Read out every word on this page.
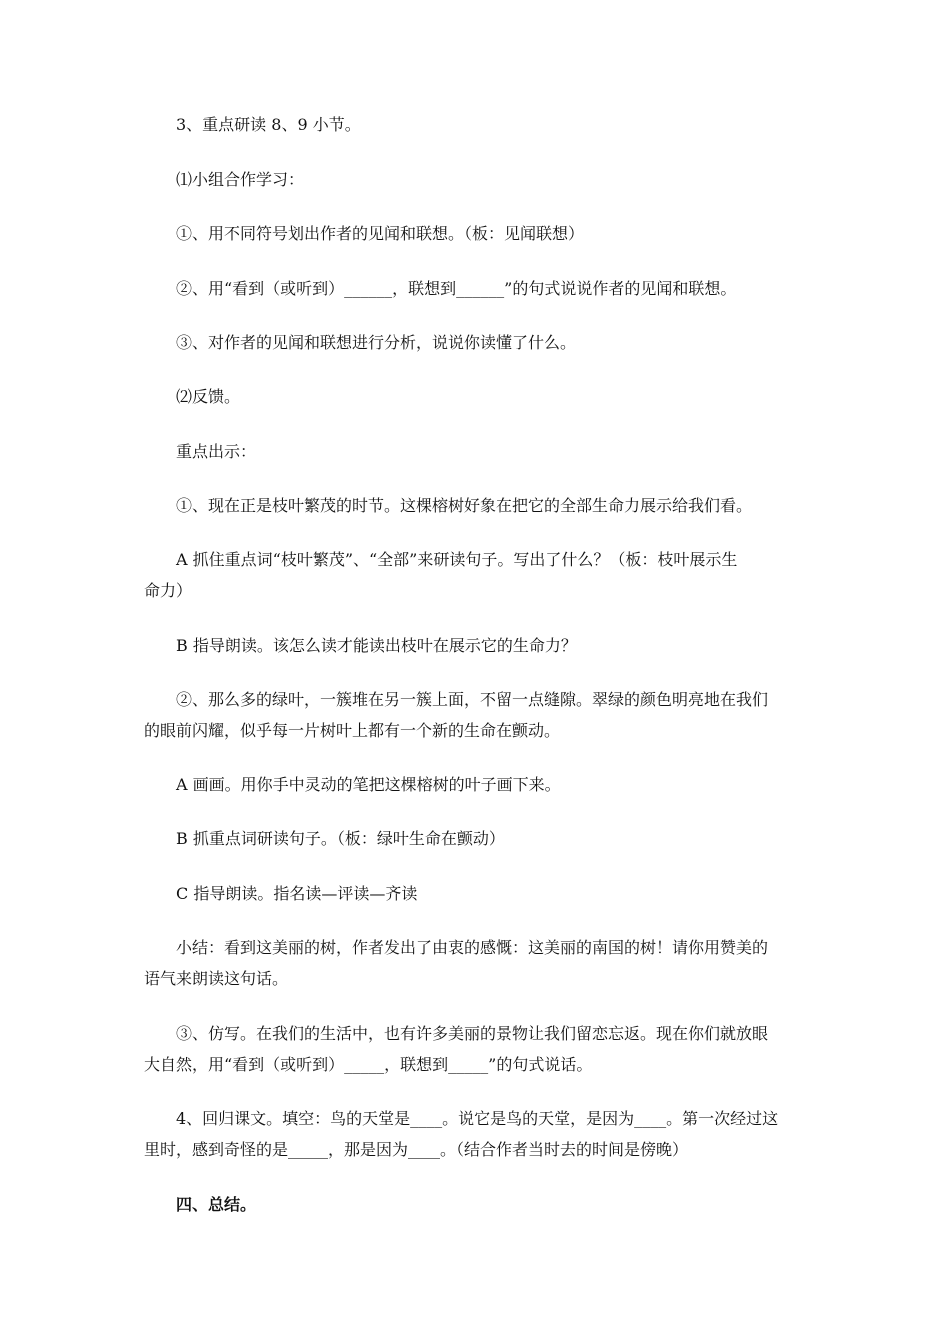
3、重点研读 8、9 小节。
⑴小组合作学习：
①、用不同符号划出作者的见闻和联想。（板：见闻联想）
②、用“看到（或听到）______，联想到______”的句式说说作者的见闻和联想。
③、对作者的见闻和联想进行分析，说说你读懂了什么。
⑵反馈。
重点出示：
①、现在正是枝叶繁茂的时节。这棵榕树好象在把它的全部生命力展示给我们看。
A 抓住重点词“枝叶繁茂”、“全部”来研读句子。写出了什么？（板：枝叶展示生
命力）
B 指导朗读。该怎么读才能读出枝叶在展示它的生命力？
②、那么多的绿叶，一簇堆在另一簇上面，不留一点缝隙。翠绿的颜色明亮地在我们
的眼前闪耀，似乎每一片树叶上都有一个新的生命在颤动。
A 画画。用你手中灵动的笔把这棵榕树的叶子画下来。
B 抓重点词研读句子。（板：绿叶生命在颤动）
C 指导朗读。指名读—评读—齐读
小结：看到这美丽的树，作者发出了由衷的感慨：这美丽的南国的树！请你用赞美的
语气来朗读这句话。
③、仿写。在我们的生活中，也有许多美丽的景物让我们留恋忘返。现在你们就放眼
大自然，用“看到（或听到）_____，联想到_____”的句式说话。
4、回归课文。填空：鸟的天堂是____。说它是鸟的天堂，是因为____。第一次经过这
里时，感到奇怪的是_____，那是因为____。（结合作者当时去的时间是傍晚）
四、总结。
